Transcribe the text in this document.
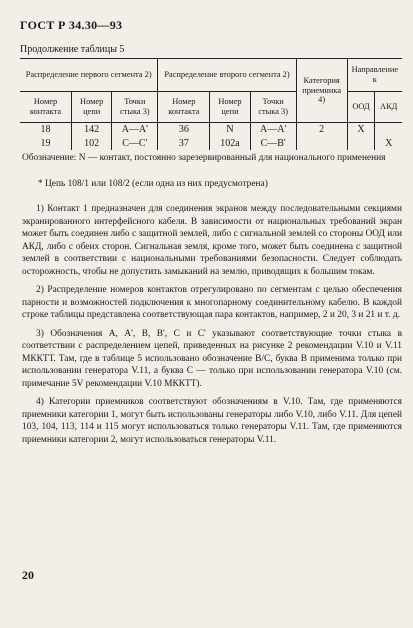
ГОСТ Р 34.30—93
Продолжение таблицы 5
Распределение первого сегмента 2)			Распределение второго сегмента 2)			Категория приемника 4)	Направление к	
Номер контакта	Номер цепи	Точки стыка 3)	Номер контакта	Номер цепи	Точки стыка 3)		ООД	АКД
18	142	A—A'	36	N	A—A'	2	X	
19	102	C—C'	37	102a	C—B'			X
Обозначение: N — контакт, постоянно зарезервированный для национального применения
* Цепь 108/1 или 108/2 (если одна из них предусмотрена)

1) Контакт 1 предназначен для соединения экранов между последовательными секциями экранированного интерфейсного кабеля. В зависимости от национальных требований экран может быть соединен либо с защитной землей, либо с сигнальной землей со стороны ООД или АКД, либо с обеих сторон. Сигнальная земля, кроме того, может быть соединена с защитной землей в соответствии с национальными требованиями безопасности. Следует соблюдать осторожность, чтобы не допустить замыканий на землю, приводящих к большим токам.

2) Распределение номеров контактов отрегулировано по сегментам с целью обеспечения парности и возможностей подключения к многопарному соединительному кабелю. В каждой строке таблицы представлена соответствующая пара контактов, например, 2 и 20, 3 и 21 и т. д.

3) Обозначения А, А', В, В', С и С' указывают соответствующие точки стыка в соответствии с распределением цепей, приведенных на рисунке 2 рекомендации V.10 и V.11 МККТТ. Там, где в таблице 5 использовано обозначение В/С, буква В применима только при использовании генератора V.11, а буква С — только при использовании генератора V.10 (см. примечание 5V рекомендации V.10 МККТТ).

4) Категории приемников соответствуют обозначениям в V.10. Там, где применяются приемники категории 1, могут быть использованы генераторы либо V.10, либо V.11. Для цепей 103, 104, 113, 114 и 115 могут использоваться только генераторы V.11. Там, где применяются приемники категории 2, могут использоваться генераторы V.11.

20
